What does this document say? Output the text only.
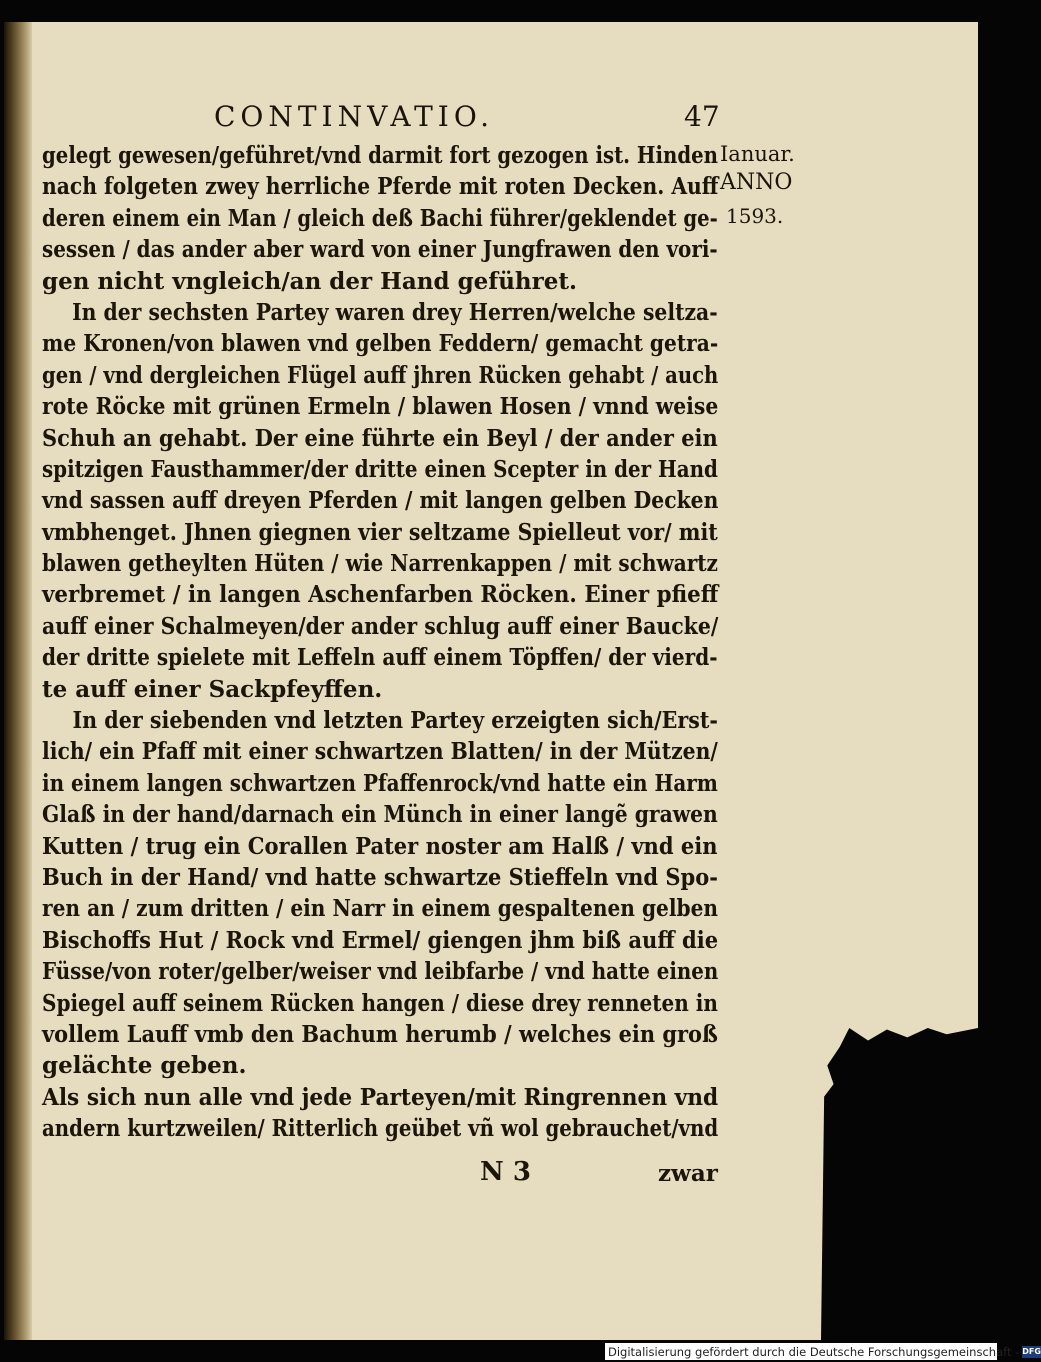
CONTINVATIO.	47
Ianuar.
ANNO
1593.
gelegt gewesen/geführet/vnd darmit fort gezogen ist. Hinden
nach folgeten zwey herrliche Pferde mit roten Decken. Auff
deren einem ein Man / gleich deß Bachi führer/geklendet ge-
sessen / das ander aber ward von einer Jungfrawen den vori-
gen nicht vngleich/an der Hand geführet.
In der sechsten Partey waren drey Herren/welche seltza-
me Kronen/von blawen vnd gelben Feddern/ gemacht getra-
gen / vnd dergleichen Flügel auff jhren Rücken gehabt / auch
rote Röcke mit grünen Ermeln / blawen Hosen / vnnd weise
Schuh an gehabt. Der eine führte ein Beyl / der ander ein
spitzigen Fausthammer/der dritte einen Scepter in der Hand
vnd sassen auff dreyen Pferden / mit langen gelben Decken
vmbhenget. Jhnen giegnen vier seltzame Spielleut vor/ mit
blawen getheylten Hüten / wie Narrenkappen / mit schwartz
verbremet / in langen Aschenfarben Röcken. Einer pfieff
auff einer Schalmeyen/der ander schlug auff einer Baucke/
der dritte spielete mit Leffeln auff einem Töpffen/ der vierd-
te auff einer Sackpfeyffen.
In der siebenden vnd letzten Partey erzeigten sich/Erst-
lich/ ein Pfaff mit einer schwartzen Blatten/ in der Mützen/
in einem langen schwartzen Pfaffenrock/vnd hatte ein Harm
Glaß in der hand/darnach ein Münch in einer langẽ grawen
Kutten / trug ein Corallen Pater noster am Halß / vnd ein
Buch in der Hand/ vnd hatte schwartze Stieffeln vnd Spo-
ren an / zum dritten / ein Narr in einem gespaltenen gelben
Bischoffs Hut / Rock vnd Ermel/ giengen jhm biß auff die
Füsse/von roter/gelber/weiser vnd leibfarbe / vnd hatte einen
Spiegel auff seinem Rücken hangen / diese drey renneten in
vollem Lauff vmb den Bachum herumb / welches ein groß
gelächte geben.
Als sich nun alle vnd jede Parteyen/mit Ringrennen vnd
andern kurtzweilen/ Ritterlich geübet vñ wol gebrauchet/vnd
N 3	zwar
Digitalisierung gefördert durch die Deutsche Forschungsgemeinschaft - DFG
